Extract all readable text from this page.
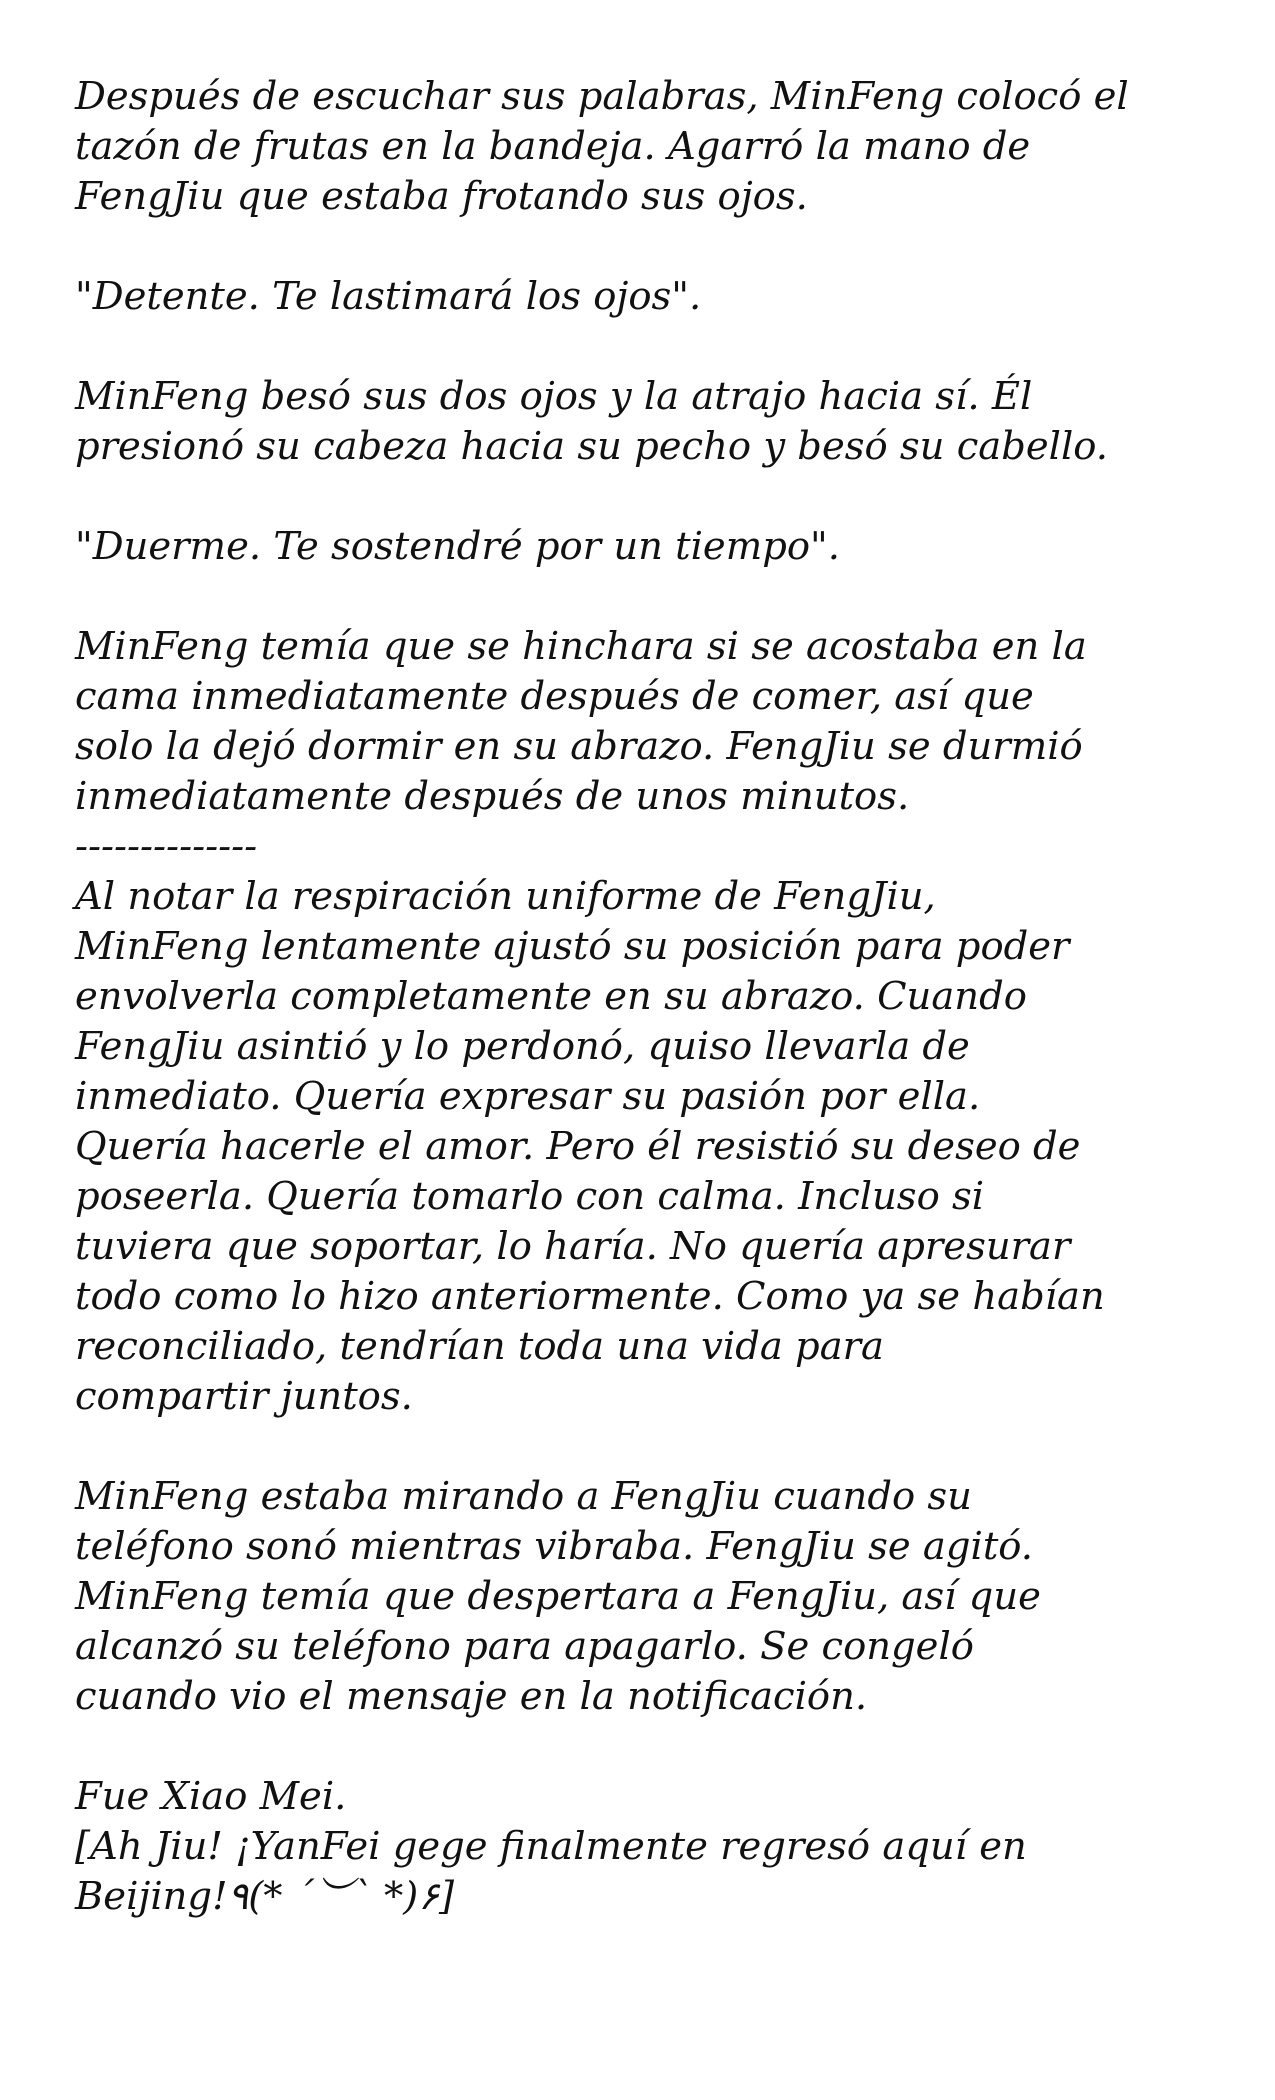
Después de escuchar sus palabras, MinFeng colocó el
tazón de frutas en la bandeja. Agarró la mano de
FengJiu que estaba frotando sus ojos.

"Detente. Te lastimará los ojos".

MinFeng besó sus dos ojos y la atrajo hacia sí. Él
presionó su cabeza hacia su pecho y besó su cabello.

"Duerme. Te sostendré por un tiempo".

MinFeng temía que se hinchara si se acostaba en la
cama inmediatamente después de comer, así que
solo la dejó dormir en su abrazo. FengJiu se durmió
inmediatamente después de unos minutos.

--------------

Al notar la respiración uniforme de FengJiu,
MinFeng lentamente ajustó su posición para poder
envolverla completamente en su abrazo. Cuando
FengJiu asintió y lo perdonó, quiso llevarla de
inmediato. Quería expresar su pasión por ella.
Quería hacerle el amor. Pero él resistió su deseo de
poseerla. Quería tomarlo con calma. Incluso si
tuviera que soportar, lo haría. No quería apresurar
todo como lo hizo anteriormente. Como ya se habían
reconciliado, tendrían toda una vida para
compartir juntos.

MinFeng estaba mirando a FengJiu cuando su
teléfono sonó mientras vibraba. FengJiu se agitó.
MinFeng temía que despertara a FengJiu, así que
alcanzó su teléfono para apagarlo. Se congeló
cuando vio el mensaje en la notificación.

Fue Xiao Mei.
[Ah Jiu! ¡YanFei gege finalmente regresó aquí en
Beijing!٩(* ´︶` *)۶]
